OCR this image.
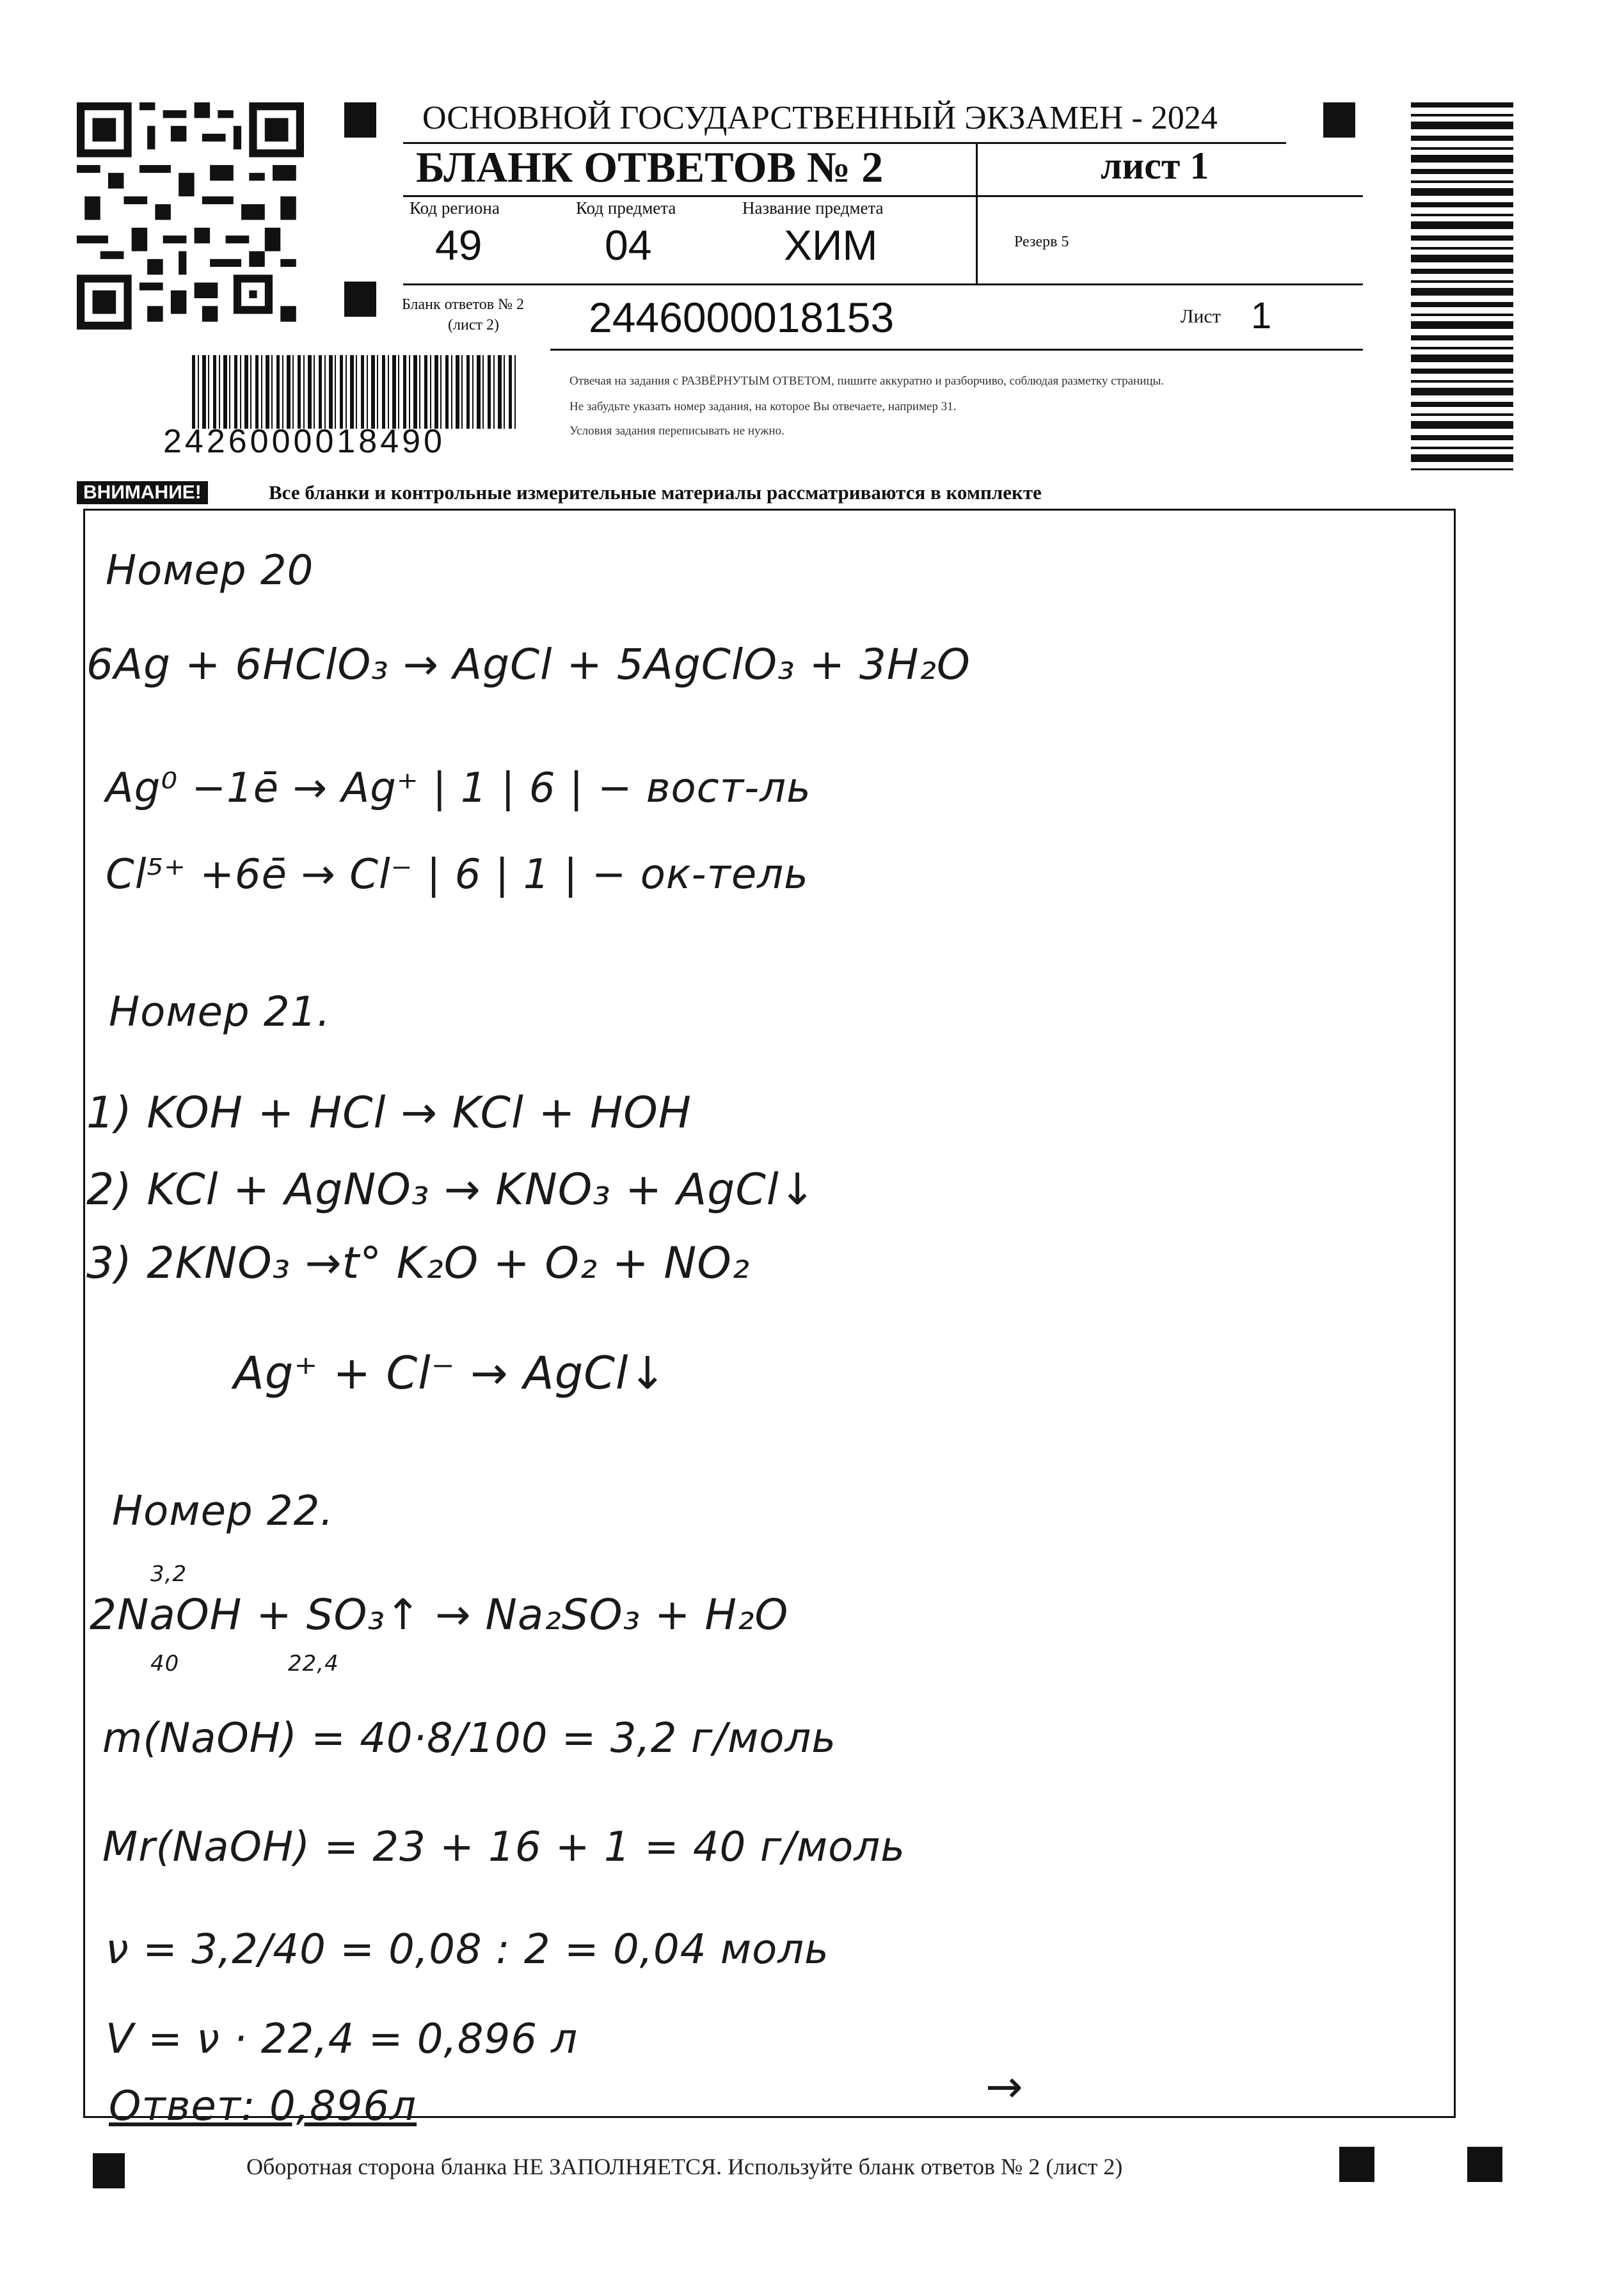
ОСНОВНОЙ ГОСУДАРСТВЕННЫЙ ЭКЗАМЕН - 2024
БЛАНК ОТВЕТОВ № 2	лист 1
Код региона
49
Код предмета
04
Название предмета
ХИМ	Резерв 5
Бланк ответов № 2
(лист 2) 2446000018153	Лист 1
2426000018490
Отвечая на задания с РАЗВЁРНУТЫМ ОТВЕТОМ, пишите аккуратно и разборчиво, соблюдая разметку страницы.
Не забудьте указать номер задания, на которое Вы отвечаете, например 31.
Условия задания переписывать не нужно.
ВНИМАНИЕ!	Все бланки и контрольные измерительные материалы рассматриваются в комплекте
Номер 20
6Ag + 6HClO₃ → AgCl + 5AgClO₃ + 3H₂O
Ag⁰ −1ē → Ag⁺ | 1 | 6 | − вост-ль
Cl⁵⁺ +6ē → Cl⁻ | 6 | 1 | − ок-тель
Номер 21.
1) KOH + HCl → KCl + HOH
2) KCl + AgNO₃ → KNO₃ + AgCl↓
3) 2KNO₃ →t° K₂O + O₂ + NO₂
Ag⁺ + Cl⁻ → AgCl↓
Номер 22.
3,2
2NaOH + SO₃↑ → Na₂SO₃ + H₂O
40	22,4
m(NaOH) = 40·8/100 = 3,2 г/моль
Mr(NaOH) = 23 + 16 + 1 = 40 г/моль
ν = 3,2/40 = 0,08 : 2 = 0,04 моль
V = ν · 22,4 = 0,896 л
Ответ: 0,896л	→
Оборотная сторона бланка НЕ ЗАПОЛНЯЕТСЯ. Используйте бланк ответов № 2 (лист 2)
